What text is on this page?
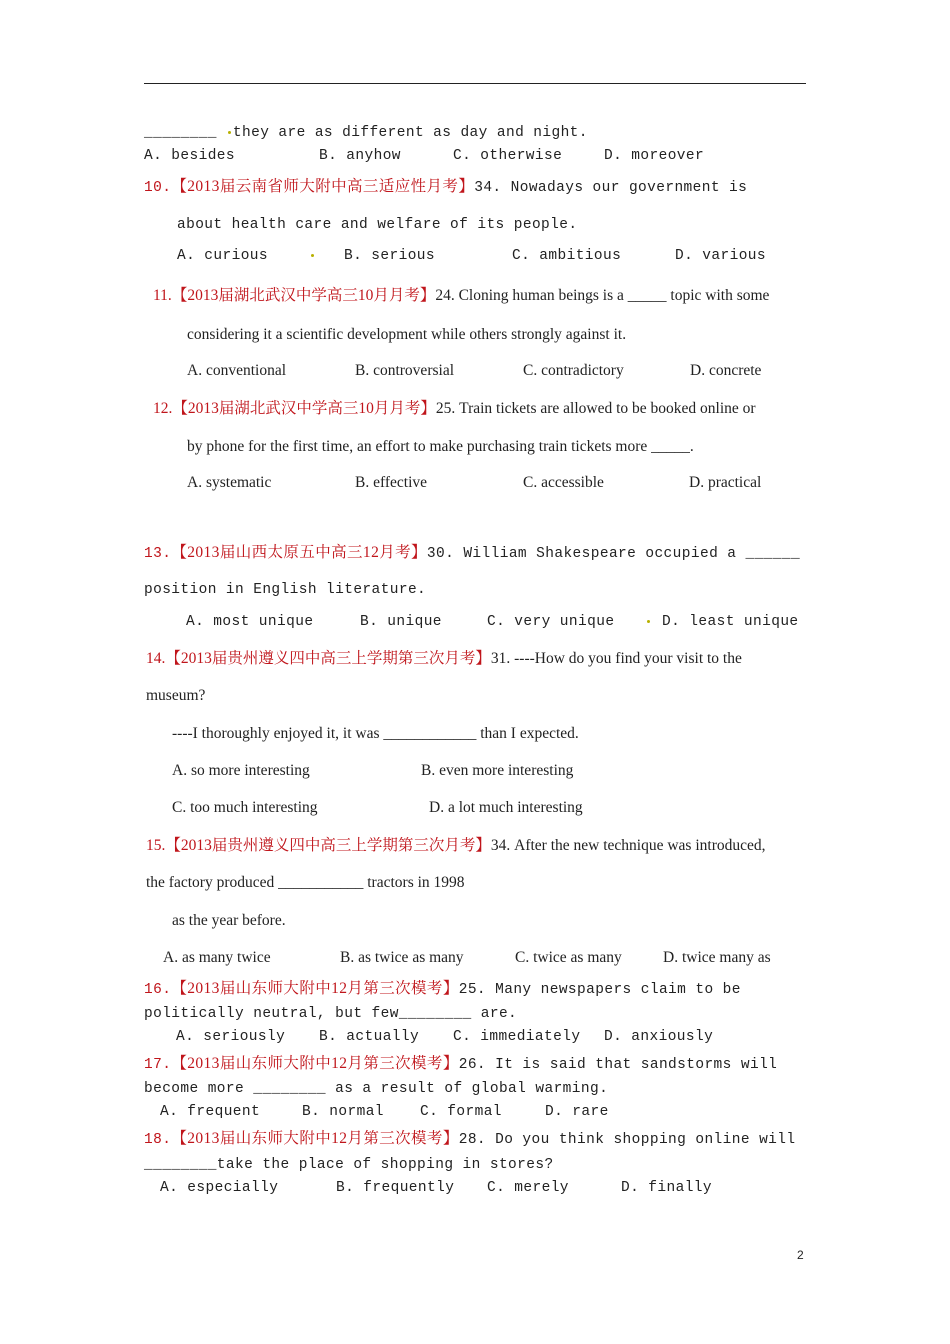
________ they are as different as day and night.
A. besides	B. anyhow	C. otherwise	D. moreover
10.【2013届云南省师大附中高三适应性月考】34. Nowadays our government is
about health care and welfare of its people.
A. curious	B. serious	C. ambitious	D. various
11.【2013届湖北武汉中学高三10月月考】24. Cloning human beings is a _____ topic with some
considering it a scientific development while others strongly against it.
A. conventional	B. controversial	C. contradictory	D. concrete
12.【2013届湖北武汉中学高三10月月考】25. Train tickets are allowed to be booked online or
by phone for the first time, an effort to make purchasing train tickets more _____.
A. systematic	B. effective	C. accessible	D. practical
13.【2013届山西太原五中高三12月考】30. William Shakespeare occupied a ______
position in English literature.
A. most unique	B. unique	C. very unique	D. least unique
14.【2013届贵州遵义四中高三上学期第三次月考】31. ----How do you find your visit to the
museum?
----I thoroughly enjoyed it, it was ____________ than I expected.
A. so more interesting	B. even more interesting
C. too much interesting	D. a lot much interesting
15.【2013届贵州遵义四中高三上学期第三次月考】34. After the new technique was introduced,
the factory produced ___________ tractors in 1998
as the year before.
A. as many twice	B. as twice as many	C. twice as many	D. twice many as
16.【2013届山东师大附中12月第三次模考】25. Many newspapers claim to be
politically neutral, but few________ are.
A. seriously B. actually C. immediately D. anxiously
17.【2013届山东师大附中12月第三次模考】26. It is said that sandstorms will
become more ________ as a result of global warming.
A. frequent	B. normal C. formal	D. rare
18.【2013届山东师大附中12月第三次模考】28. Do you think shopping online will
________take the place of shopping in stores?
A. especially	B. frequently C. merely	D. finally
2
